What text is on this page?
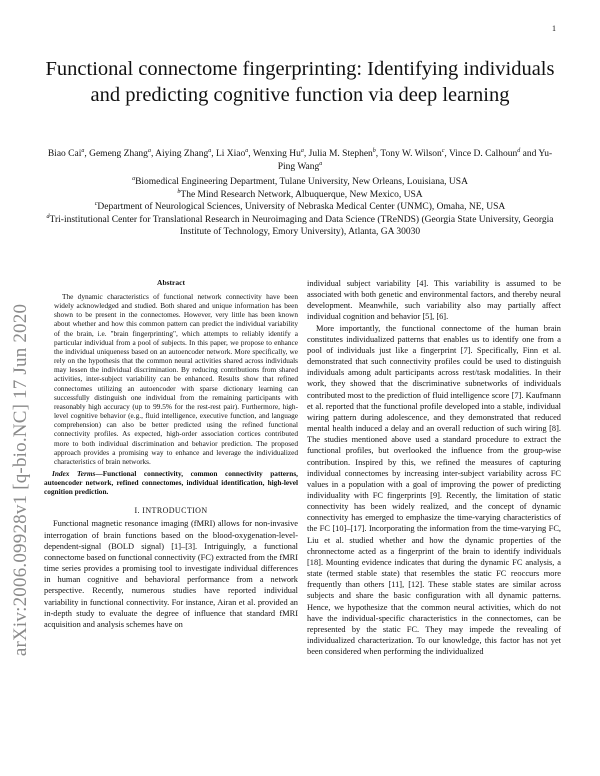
1
arXiv:2006.09928v1 [q-bio.NC] 17 Jun 2020
Functional connectome fingerprinting: Identifying individuals and predicting cognitive function via deep learning
Biao Cai$^a$, Gemeng Zhang$^a$, Aiying Zhang$^a$, Li Xiao$^a$, Wenxing Hu$^a$, Julia M. Stephen$^b$, Tony W. Wilson$^c$, Vince D. Calhoun$^d$ and Yu-Ping Wang$^a$
$^a$Biomedical Engineering Department, Tulane University, New Orleans, Louisiana, USA
$^b$The Mind Research Network, Albuquerque, New Mexico, USA
$^c$Department of Neurological Sciences, University of Nebraska Medical Center (UNMC), Omaha, NE, USA
$^d$Tri-institutional Center for Translational Research in Neuroimaging and Data Science (TReNDS) (Georgia State University, Georgia Institute of Technology, Emory University), Atlanta, GA 30030
Abstract

The dynamic characteristics of functional network connectivity have been widely acknowledged and studied. Both shared and unique information has been shown to be present in the connectomes. However, very little has been known about whether and how this common pattern can predict the individual variability of the brain, i.e. "brain fingerprinting", which attempts to reliably identify a particular individual from a pool of subjects. In this paper, we propose to enhance the individual uniqueness based on an autoencoder network. More specifically, we rely on the hypothesis that the common neural activities shared across individuals may lessen the individual discrimination. By reducing contributions from shared activities, inter-subject variability can be enhanced. Results show that refined connectomes utilizing an autoencoder with sparse dictionary learning can successfully distinguish one individual from the remaining participants with reasonably high accuracy (up to 99.5% for the rest-rest pair). Furthermore, high-level cognitive behavior (e.g., fluid intelligence, executive function, and language comprehension) can also be better predicted using the refined functional connectivity profiles. As expected, high-order association cortices contributed more to both individual discrimination and behavior prediction. The proposed approach provides a promising way to enhance and leverage the individualized characteristics of brain networks.

Index Terms—Functional connectivity, common connectivity patterns, autoencoder network, refined connectomes, individual identification, high-level cognition prediction.

I. INTRODUCTION

Functional magnetic resonance imaging (fMRI) allows for non-invasive interrogation of brain functions based on the blood-oxygenation-level-dependent-signal (BOLD signal) [1]–[3]. Intriguingly, a functional connectome based on functional connectivity (FC) extracted from the fMRI time series provides a promising tool to investigate individual differences in human cognitive and behavioral performance from a network perspective. Recently, numerous studies have reported individual variability in functional connectivity. For instance, Airan et al. provided an in-depth study to evaluate the degree of influence that standard fMRI acquisition and analysis schemes have on

individual subject variability [4]. This variability is assumed to be associated with both genetic and environmental factors, and thereby neural development. Meanwhile, such variability also may partially affect individual cognition and behavior [5], [6].

More importantly, the functional connectome of the human brain constitutes individualized patterns that enables us to identify one from a pool of individuals just like a fingerprint [7]. Specifically, Finn et al. demonstrated that such connectivity profiles could be used to distinguish individuals among adult participants across rest/task modalities. In their work, they showed that the discriminative subnetworks of individuals contributed most to the prediction of fluid intelligence score [7]. Kaufmann et al. reported that the functional profile developed into a stable, individual wiring pattern during adolescence, and they demonstrated that reduced mental health induced a delay and an overall reduction of such wiring [8]. The studies mentioned above used a standard procedure to extract the functional profiles, but overlooked the influence from the group-wise contribution. Inspired by this, we refined the measures of capturing individual connectomes by increasing inter-subject variability across FC values in a population with a goal of improving the power of predicting individuality with FC fingerprints [9]. Recently, the limitation of static connectivity has been widely realized, and the concept of dynamic connectivity has emerged to emphasize the time-varying characteristics of the FC [10]–[17]. Incorporating the information from the time-varying FC, Liu et al. studied whether and how the dynamic properties of the chronnectome acted as a fingerprint of the brain to identify individuals [18]. Mounting evidence indicates that during the dynamic FC analysis, a state (termed stable state) that resembles the static FC reoccurs more frequently than others [11], [12]. These stable states are similar across subjects and share the basic configuration with all dynamic patterns. Hence, we hypothesize that the common neural activities, which do not have the individual-specific characteristics in the connectomes, can be represented by the static FC. They may impede the revealing of individualized characterization. To our knowledge, this factor has not yet been considered when performing the individualized
